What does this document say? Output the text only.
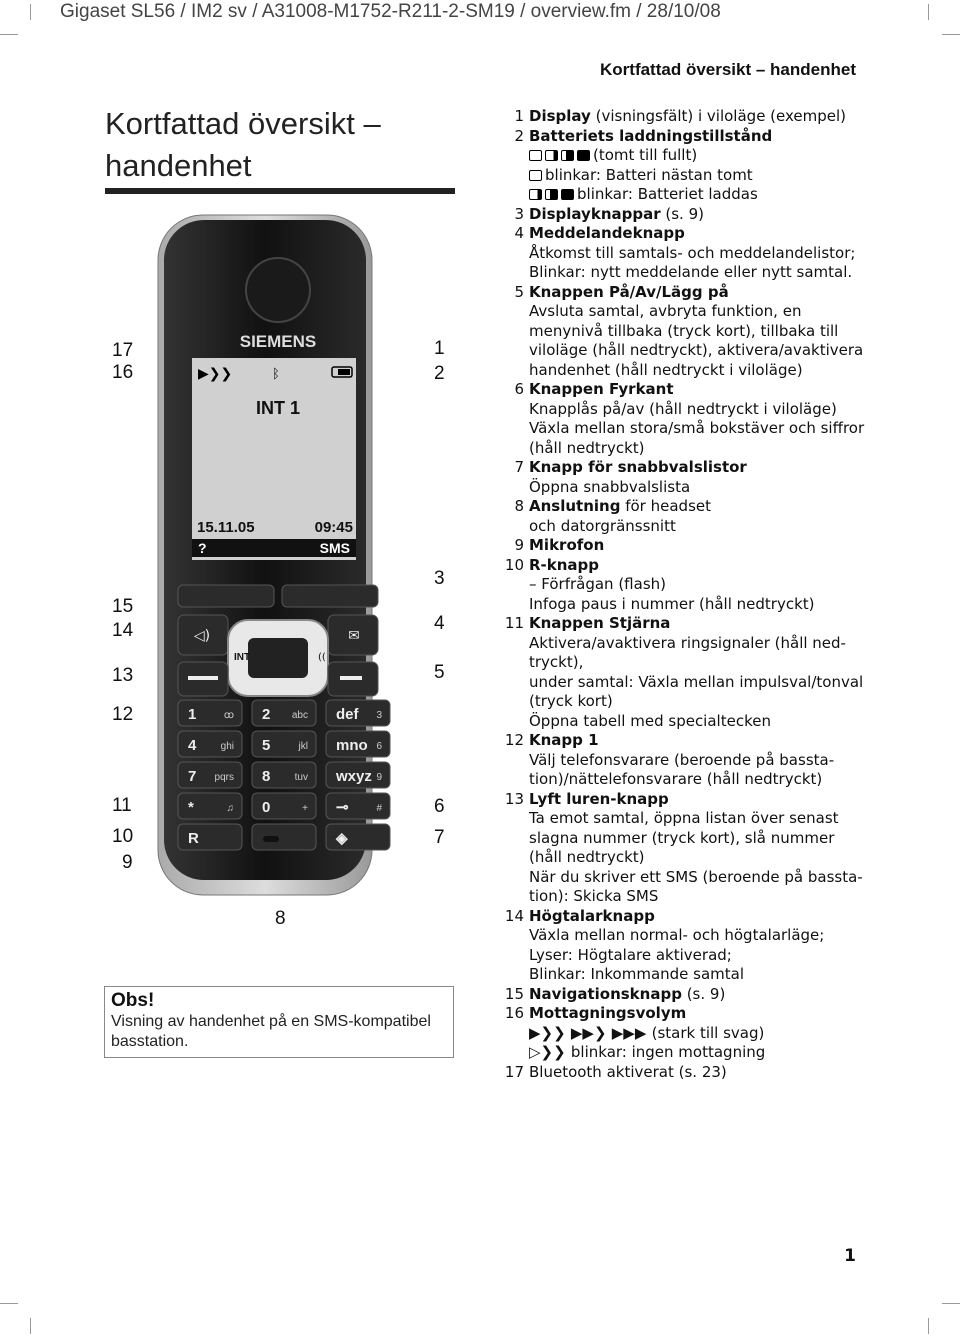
Gigaset SL56 / IM2 sv / A31008-M1752-R211-2-SM19 / overview.fm / 28/10/08
Kortfattad översikt – handenhet
Kortfattad översikt –
handenhet
SIEMENS
▶❯❯	ᛒ
INT 1
15.11.05	09:45
?	SMS
◁)	✉
INT	((
1	ꝏ 2 abc def 3
4 ghi 5	jkl mno 6
7 pqrs 8 tuv wxyz 9
*	♫ 0	+ ⊸	#
R	◈
17
16
15
14
13
12
11
10
9
1
2
3
4
5
6
7
8

Obs!

Visning av handenhet på en SMS-kompatibel basstation.
1 Display (visningsfält) i viloläge (exempel)
2 Batteriets laddningstillstånd
(tomt till fullt)
blinkar: Batteri nästan tomt
blinkar: Batteriet laddas
3 Displayknappar (s. 9)
4 Meddelandeknapp
Åtkomst till samtals- och meddelandelistor;
Blinkar: nytt meddelande eller nytt samtal.
5 Knappen På/Av/Lägg på
Avsluta samtal, avbryta funktion, en
menynivå tillbaka (tryck kort), tillbaka till
viloläge (håll nedtryckt), aktivera/avaktivera
handenhet (håll nedtryckt i viloläge)
6 Knappen Fyrkant
Knapplås på/av (håll nedtryckt i viloläge)
Växla mellan stora/små bokstäver och siffror
(håll nedtryckt)
7 Knapp för snabbvalslistor
Öppna snabbvalslista
8 Anslutning för headset
och datorgränssnitt
9 Mikrofon
10 R-knapp
– Förfrågan (flash)
Infoga paus i nummer (håll nedtryckt)
11 Knappen Stjärna
Aktivera/avaktivera ringsignaler (håll ned-
tryckt),
under samtal: Växla mellan impulsval/tonval
(tryck kort)
Öppna tabell med specialtecken
12 Knapp 1
Välj telefonsvarare (beroende på bassta-
tion)/nättelefonsvarare (håll nedtryckt)
13 Lyft luren-knapp
Ta emot samtal, öppna listan över senast
slagna nummer (tryck kort), slå nummer
(håll nedtryckt)
När du skriver ett SMS (beroende på bassta-
tion): Skicka SMS
14 Högtalarknapp
Växla mellan normal- och högtalarläge;
Lyser: Högtalare aktiverad;
Blinkar: Inkommande samtal
15 Navigationsknapp (s. 9)
16 Mottagningsvolym
▶❯❯ ▶▶❯ ▶▶▶ (stark till svag)
▷❯❯ blinkar: ingen mottagning
17 Bluetooth aktiverat (s. 23)
1
